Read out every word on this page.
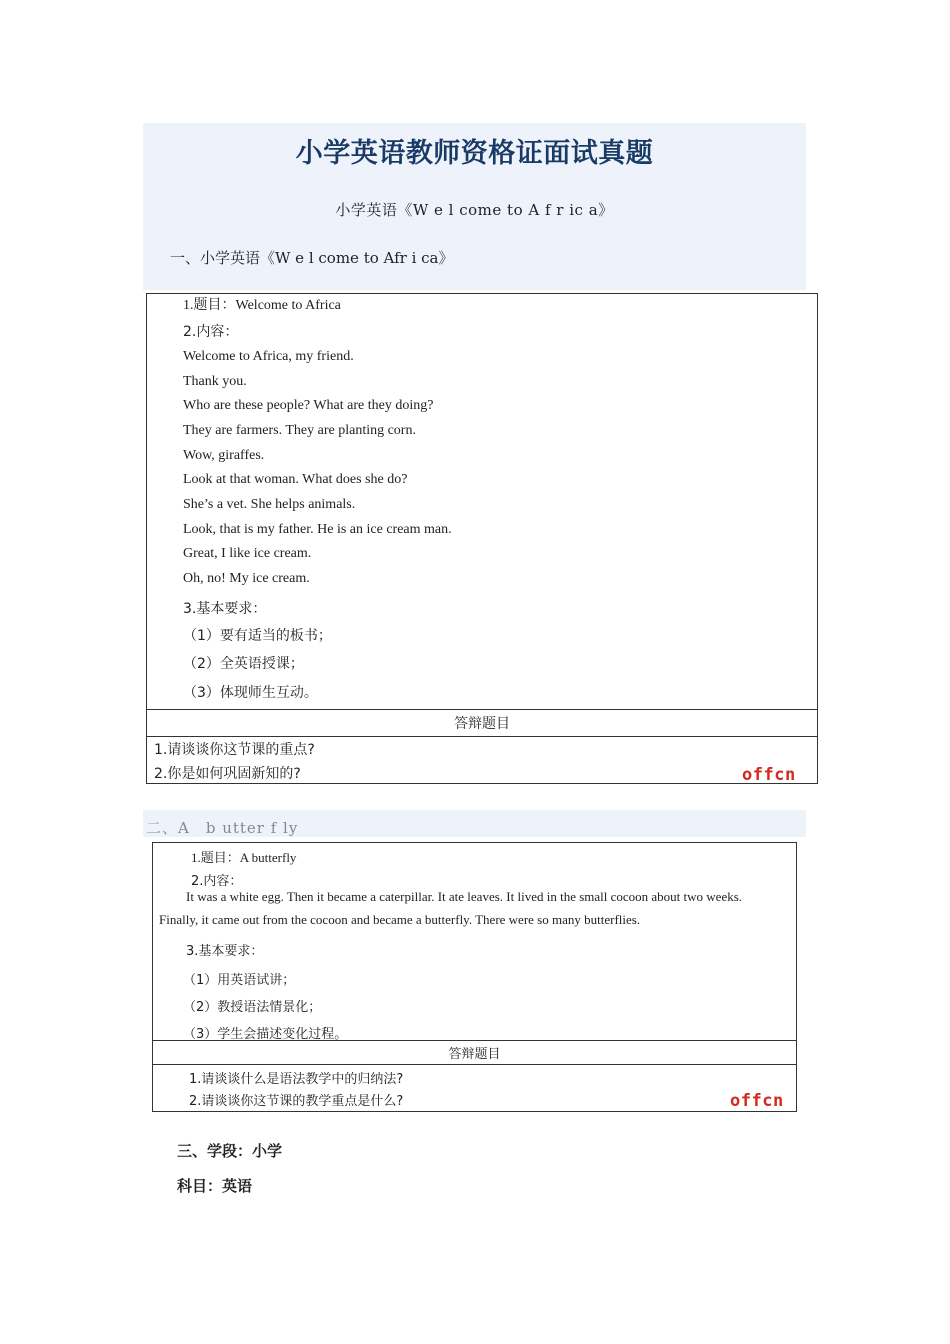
小学英语教师资格证面试真题
小学英语《W e l come to A f r ic a》
一、小学英语《W e l come to Afr i ca》
1.题目：Welcome to Africa
2.内容：
Welcome to Africa, my friend.
Thank you.
Who are these people? What are they doing?
They are farmers. They are planting corn.
Wow, giraffes.
Look at that woman. What does she do?
She’s a vet. She helps animals.
Look, that is my father. He is an ice cream man.
Great, I like ice cream.
Oh, no! My ice cream.
3.基本要求：
（1）要有适当的板书；
（2）全英语授课；
（3）体现师生互动。
答辩题目
1.请谈谈你这节课的重点?
2.你是如何巩固新知的?	offcn
二、A　b utter f ly
1.题目：A butterfly
2.内容：
It was a white egg. Then it became a caterpillar. It ate leaves. It lived in the small cocoon about two weeks.
Finally, it came out from the cocoon and became a butterfly. There were so many butterflies.
3.基本要求：
（1）用英语试讲；
（2）教授语法情景化；
（3）学生会描述变化过程。
答辩题目
1.请谈谈什么是语法教学中的归纳法?
2.请谈谈你这节课的教学重点是什么?	offcn
三、学段：小学
科目：英语
